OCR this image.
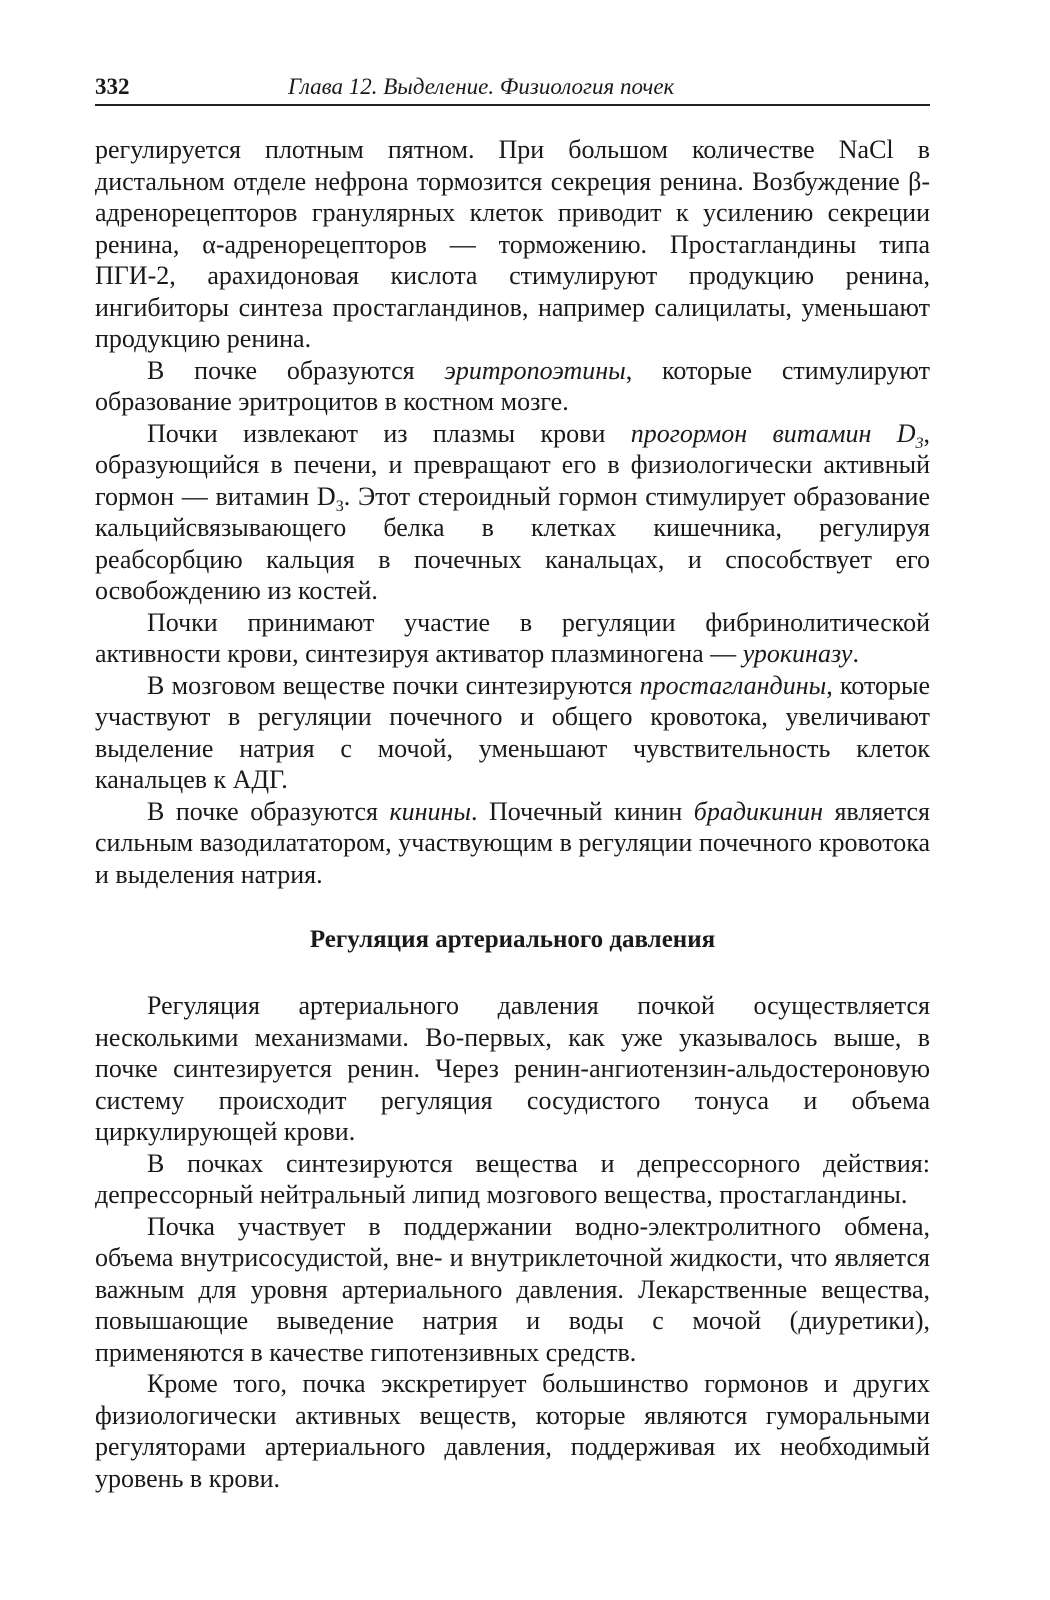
332	Глава 12. Выделение. Физиология почек

регулируется плотным пятном. При большом количестве NaCl в дистальном отделе нефрона тормозится секреция ренина. Возбуждение β-адренорецепторов гранулярных клеток приводит к усилению секреции ренина, α-адренорецепторов — торможению. Простагландины типа ПГИ-2, арахидоновая кислота стимулируют продукцию ренина, ингибиторы синтеза простагландинов, например салицилаты, уменьшают продукцию ренина.

В почке образуются эритропоэтины, которые стимулируют образование эритроцитов в костном мозге.

Почки извлекают из плазмы крови прогормон витамин $D_3$, образующийся в печени, и превращают его в физиологически активный гормон — витамин $D_3$. Этот стероидный гормон стимулирует образование кальцийсвязывающего белка в клетках кишечника, регулируя реабсорбцию кальция в почечных канальцах, и способствует его освобождению из костей.

Почки принимают участие в регуляции фибринолитической активности крови, синтезируя активатор плазминогена — урокиназу.

В мозговом веществе почки синтезируются простагландины, которые участвуют в регуляции почечного и общего кровотока, увеличивают выделение натрия с мочой, уменьшают чувствительность клеток канальцев к АДГ.

В почке образуются кинины. Почечный кинин брадикинин является сильным вазодилататором, участвующим в регуляции почечного кровотока и выделения натрия.

Регуляция артериального давления

Регуляция артериального давления почкой осуществляется несколькими механизмами. Во-первых, как уже указывалось выше, в почке синтезируется ренин. Через ренин-ангиотензин-альдостероновую систему происходит регуляция сосудистого тонуса и объема циркулирующей крови.

В почках синтезируются вещества и депрессорного действия: депрессорный нейтральный липид мозгового вещества, простагландины.

Почка участвует в поддержании водно-электролитного обмена, объема внутрисосудистой, вне- и внутриклеточной жидкости, что является важным для уровня артериального давления. Лекарственные вещества, повышающие выведение натрия и воды с мочой (диуретики), применяются в качестве гипотензивных средств.

Кроме того, почка экскретирует большинство гормонов и других физиологически активных веществ, которые являются гуморальными регуляторами артериального давления, поддерживая их необходимый уровень в крови.
